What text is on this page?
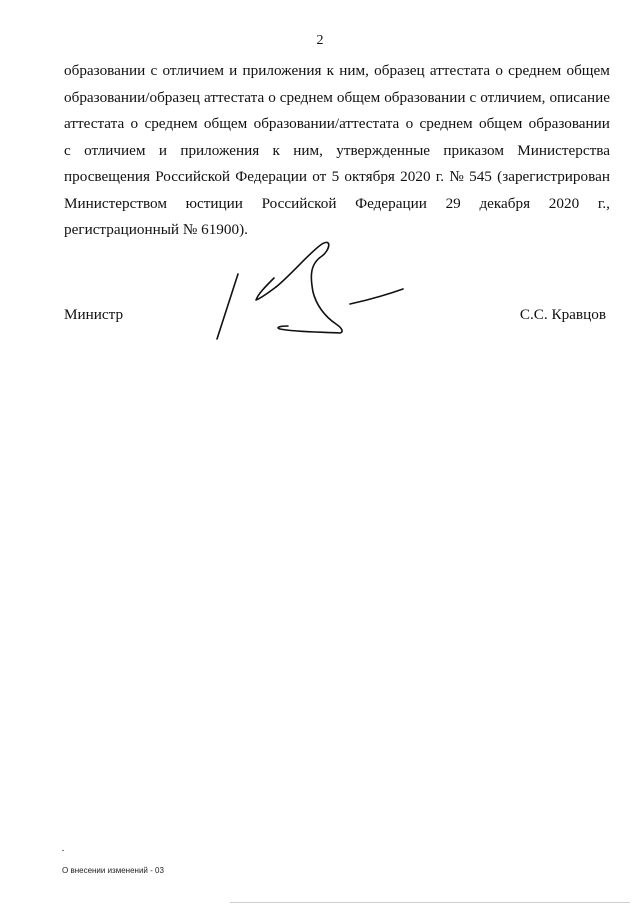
2
образовании с отличием и приложения к ним, образец аттестата о среднем общем
образовании/образец аттестата о среднем общем образовании с отличием, описание
аттестата о среднем общем образовании/аттестата о среднем общем образовании
с отличием и приложения к ним, утвержденные приказом Министерства
просвещения Российской Федерации от 5 октября 2020 г. № 545 (зарегистрирован
Министерством юстиции Российской Федерации 29 декабря 2020 г.,
регистрационный № 61900).
Министр	С.С. Кравцов
О внесении изменений - 03
